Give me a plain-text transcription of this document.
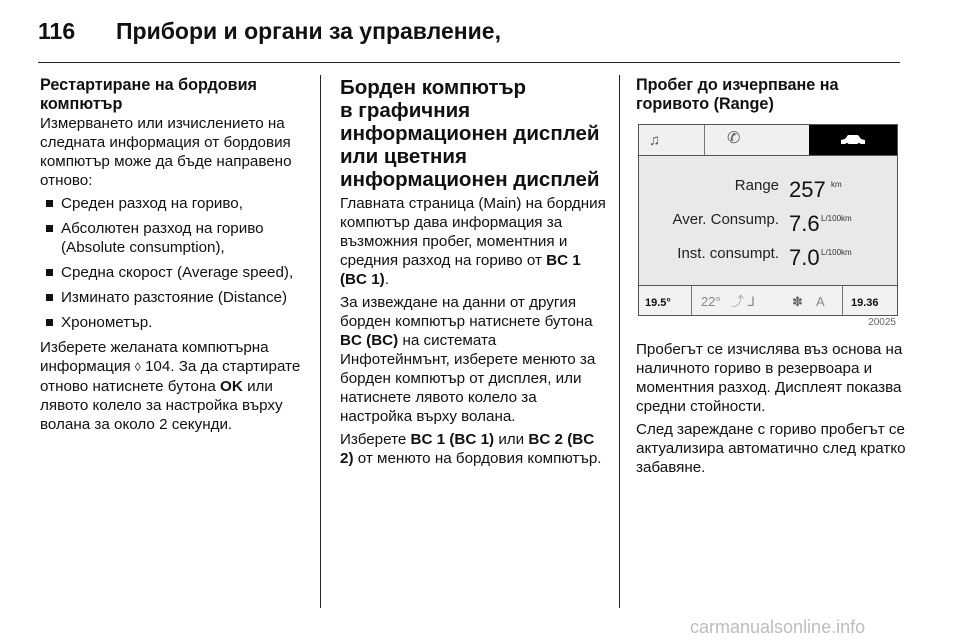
116 Прибори и органи за управление,
Рестартиране на бордовия
компютър

Измерването или изчислението на следната информация от бордовия компютър може да бъде направено отново:

Среден разход на гориво,
Абсолютен разход на гориво (Absolute consumption),
Средна скорост (Average speed),
Изминато разстояние (Distance)
Хронометър.

Изберете желаната компютърна информация ◊ 104. За да стартирате отново натиснете бутона OK или лявото колело за настройка върху волана за около 2 секунди.

Борден компютър
в графичния
информационен дисплей
или цветния
информационен дисплей

Главната страница (Main) на бордния компютър дава информация за възможния пробег, моментния и средния разход на гориво от BC 1 (BC 1).

За извеждане на данни от другия борден компютър натиснете бутона BC (BC) на системата Инфотейнмънт, изберете менюто за борден компютър от дисплея, или натиснете лявото колело за настройка върху волана.

Изберете BC 1 (BC 1) или BC 2 (BC 2) от менюто на бордовия компютър.

Пробег до изчерпване на
горивото (Range)
♫	✆
Range 257 km
Aver. Consump. 7.6 L/100km
Inst. consumpt. 7.0 L/100km
19.5° 22° ⤴ ⅃	✽ A 19.36
20025

Пробегът се изчислява въз основа на наличното гориво в резервоара и моментния разход. Дисплеят показва средни стойности.

След зареждане с гориво пробегът се актуализира автоматично след кратко забавяне.

carmanualsonline.info
